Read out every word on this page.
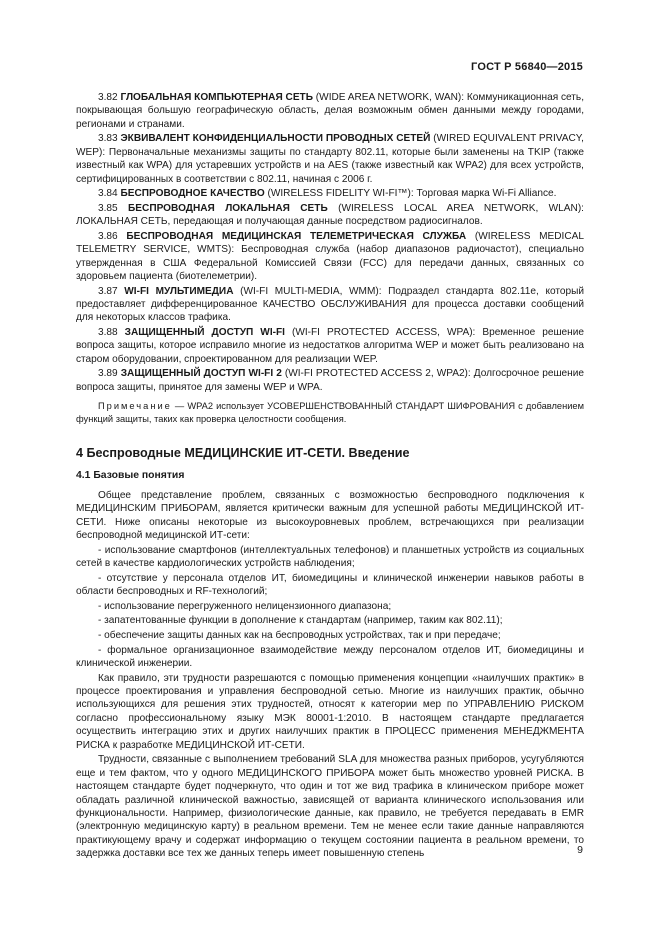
ГОСТ Р 56840—2015

3.82 ГЛОБАЛЬНАЯ КОМПЬЮТЕРНАЯ СЕТЬ (WIDE AREA NETWORK, WAN): Коммуникационная сеть, покрывающая большую географическую область, делая возможным обмен данными между городами, регионами и странами.

3.83 ЭКВИВАЛЕНТ КОНФИДЕНЦИАЛЬНОСТИ ПРОВОДНЫХ СЕТЕЙ (WIRED EQUIVALENT PRIVACY, WEP): Первоначальные механизмы защиты по стандарту 802.11, которые были заменены на TKIP (также известный как WPA) для устаревших устройств и на AES (также известный как WPA2) для всех устройств, сертифицированных в соответствии с 802.11, начиная с 2006 г.

3.84 БЕСПРОВОДНОЕ КАЧЕСТВО (WIRELESS FIDELITY WI-FI™): Торговая марка Wi-Fi Alliance.

3.85 БЕСПРОВОДНАЯ ЛОКАЛЬНАЯ СЕТЬ (WIRELESS LOCAL AREA NETWORK, WLAN): ЛОКАЛЬНАЯ СЕТЬ, передающая и получающая данные посредством радиосигналов.

3.86 БЕСПРОВОДНАЯ МЕДИЦИНСКАЯ ТЕЛЕМЕТРИЧЕСКАЯ СЛУЖБА (WIRELESS MEDICAL TELEMETRY SERVICE, WMTS): Беспроводная служба (набор диапазонов радиочастот), специально утвержденная в США Федеральной Комиссией Связи (FCC) для передачи данных, связанных со здоровьем пациента (биотелеметрии).

3.87 WI-FI МУЛЬТИМЕДИА (WI-FI MULTI-MEDIA, WMM): Подраздел стандарта 802.11e, который предоставляет дифференцированное КАЧЕСТВО ОБСЛУЖИВАНИЯ для процесса доставки сообщений для некоторых классов трафика.

3.88 ЗАЩИЩЕННЫЙ ДОСТУП WI-FI (WI-FI PROTECTED ACCESS, WPA): Временное решение вопроса защиты, которое исправило многие из недостатков алгоритма WEP и может быть реализовано на старом оборудовании, спроектированном для реализации WEP.

3.89 ЗАЩИЩЕННЫЙ ДОСТУП WI-FI 2 (WI-FI PROTECTED ACCESS 2, WPA2): Долгосрочное решение вопроса защиты, принятое для замены WEP и WPA.

Примечание — WPA2 использует УСОВЕРШЕНСТВОВАННЫЙ СТАНДАРТ ШИФРОВАНИЯ с добавлением функций защиты, таких как проверка целостности сообщения.

4 Беспроводные МЕДИЦИНСКИЕ ИТ-СЕТИ. Введение
4.1 Базовые понятия

Общее представление проблем, связанных с возможностью беспроводного подключения к МЕДИЦИНСКИМ ПРИБОРАМ, является критически важным для успешной работы МЕДИЦИНСКОЙ ИТ-СЕТИ. Ниже описаны некоторые из высокоуровневых проблем, встречающихся при реализации беспроводной медицинской ИТ-сети:

- использование смартфонов (интеллектуальных телефонов) и планшетных устройств из социальных сетей в качестве кардиологических устройств наблюдения;

- отсутствие у персонала отделов ИТ, биомедицины и клинической инженерии навыков работы в области беспроводных и RF-технологий;

- использование перегруженного нелицензионного диапазона;

- запатентованные функции в дополнение к стандартам (например, таким как 802.11);

- обеспечение защиты данных как на беспроводных устройствах, так и при передаче;

- формальное организационное взаимодействие между персоналом отделов ИТ, биомедицины и клинической инженерии.

Как правило, эти трудности разрешаются с помощью применения концепции «наилучших практик» в процессе проектирования и управления беспроводной сетью. Многие из наилучших практик, обычно использующихся для решения этих трудностей, относят к категории мер по УПРАВЛЕНИЮ РИСКОМ согласно профессиональному языку МЭК 80001-1:2010. В настоящем стандарте предлагается осуществить интеграцию этих и других наилучших практик в ПРОЦЕСС применения МЕНЕДЖМЕНТА РИСКА к разработке МЕДИЦИНСКОЙ ИТ-СЕТИ.

Трудности, связанные с выполнением требований SLA для множества разных приборов, усугубляются еще и тем фактом, что у одного МЕДИЦИНСКОГО ПРИБОРА может быть множество уровней РИСКА. В настоящем стандарте будет подчеркнуто, что один и тот же вид трафика в клиническом приборе может обладать различной клинической важностью, зависящей от варианта клинического использования или функциональности. Например, физиологические данные, как правило, не требуется передавать в EMR (электронную медицинскую карту) в реальном времени. Тем не менее если такие данные направляются практикующему врачу и содержат информацию о текущем состоянии пациента в реальном времени, то задержка доставки все тех же данных теперь имеет повышенную степень	9
